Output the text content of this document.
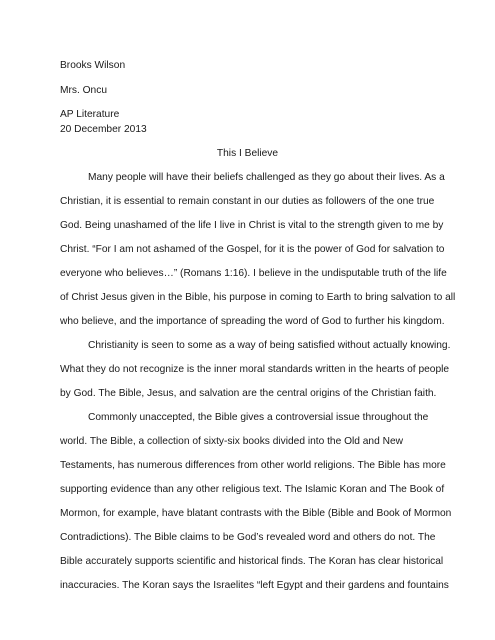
Brooks Wilson
Mrs. Oncu
AP Literature
20 December 2013
This I Believe
Many people will have their beliefs challenged as they go about their lives. As a
Christian, it is essential to remain constant in our duties as followers of the one true
God. Being unashamed of the life I live in Christ is vital to the strength given to me by
Christ. “For I am not ashamed of the Gospel, for it is the power of God for salvation to
everyone who believes…” (Romans 1:16). I believe in the undisputable truth of the life
of Christ Jesus given in the Bible, his purpose in coming to Earth to bring salvation to all
who believe, and the importance of spreading the word of God to further his kingdom.
Christianity is seen to some as a way of being satisfied without actually knowing.
What they do not recognize is the inner moral standards written in the hearts of people
by God. The Bible, Jesus, and salvation are the central origins of the Christian faith.
Commonly unaccepted, the Bible gives a controversial issue throughout the
world. The Bible, a collection of sixty-six books divided into the Old and New
Testaments, has numerous differences from other world religions. The Bible has more
supporting evidence than any other religious text. The Islamic Koran and The Book of
Mormon, for example, have blatant contrasts with the Bible (Bible and Book of Mormon
Contradictions). The Bible claims to be God’s revealed word and others do not. The
Bible accurately supports scientific and historical finds. The Koran has clear historical
inaccuracies. The Koran says the Israelites “left Egypt and their gardens and fountains
